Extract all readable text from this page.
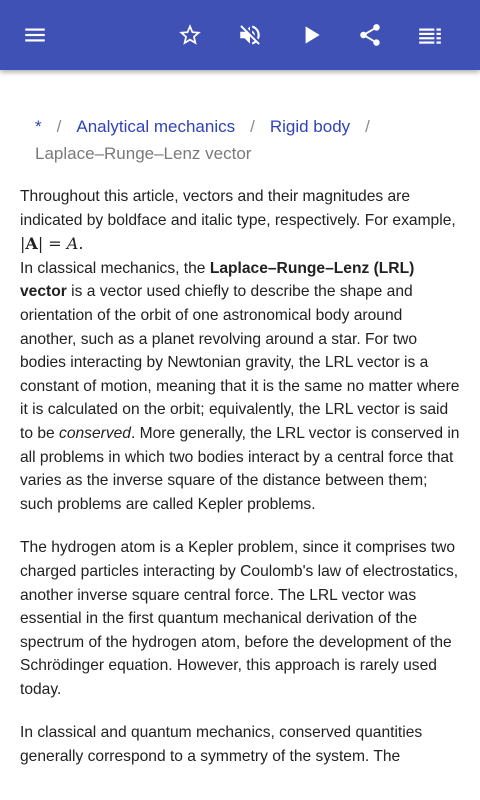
* / Analytical mechanics / Rigid body /
Laplace–Runge–Lenz vector

Throughout this article, vectors and their magnitudes are indicated by boldface and italic type, respectively. For example, |A| = A.

In classical mechanics, the Laplace–Runge–Lenz (LRL) vector is a vector used chiefly to describe the shape and orientation of the orbit of one astronomical body around another, such as a planet revolving around a star. For two bodies interacting by Newtonian gravity, the LRL vector is a constant of motion, meaning that it is the same no matter where it is calculated on the orbit; equivalently, the LRL vector is said to be conserved. More generally, the LRL vector is conserved in all problems in which two bodies interact by a central force that varies as the inverse square of the distance between them; such problems are called Kepler problems.

The hydrogen atom is a Kepler problem, since it comprises two charged particles interacting by Coulomb's law of electrostatics, another inverse square central force. The LRL vector was essential in the first quantum mechanical derivation of the spectrum of the hydrogen atom, before the development of the Schrödinger equation. However, this approach is rarely used today.

In classical and quantum mechanics, conserved quantities generally correspond to a symmetry of the system. The
